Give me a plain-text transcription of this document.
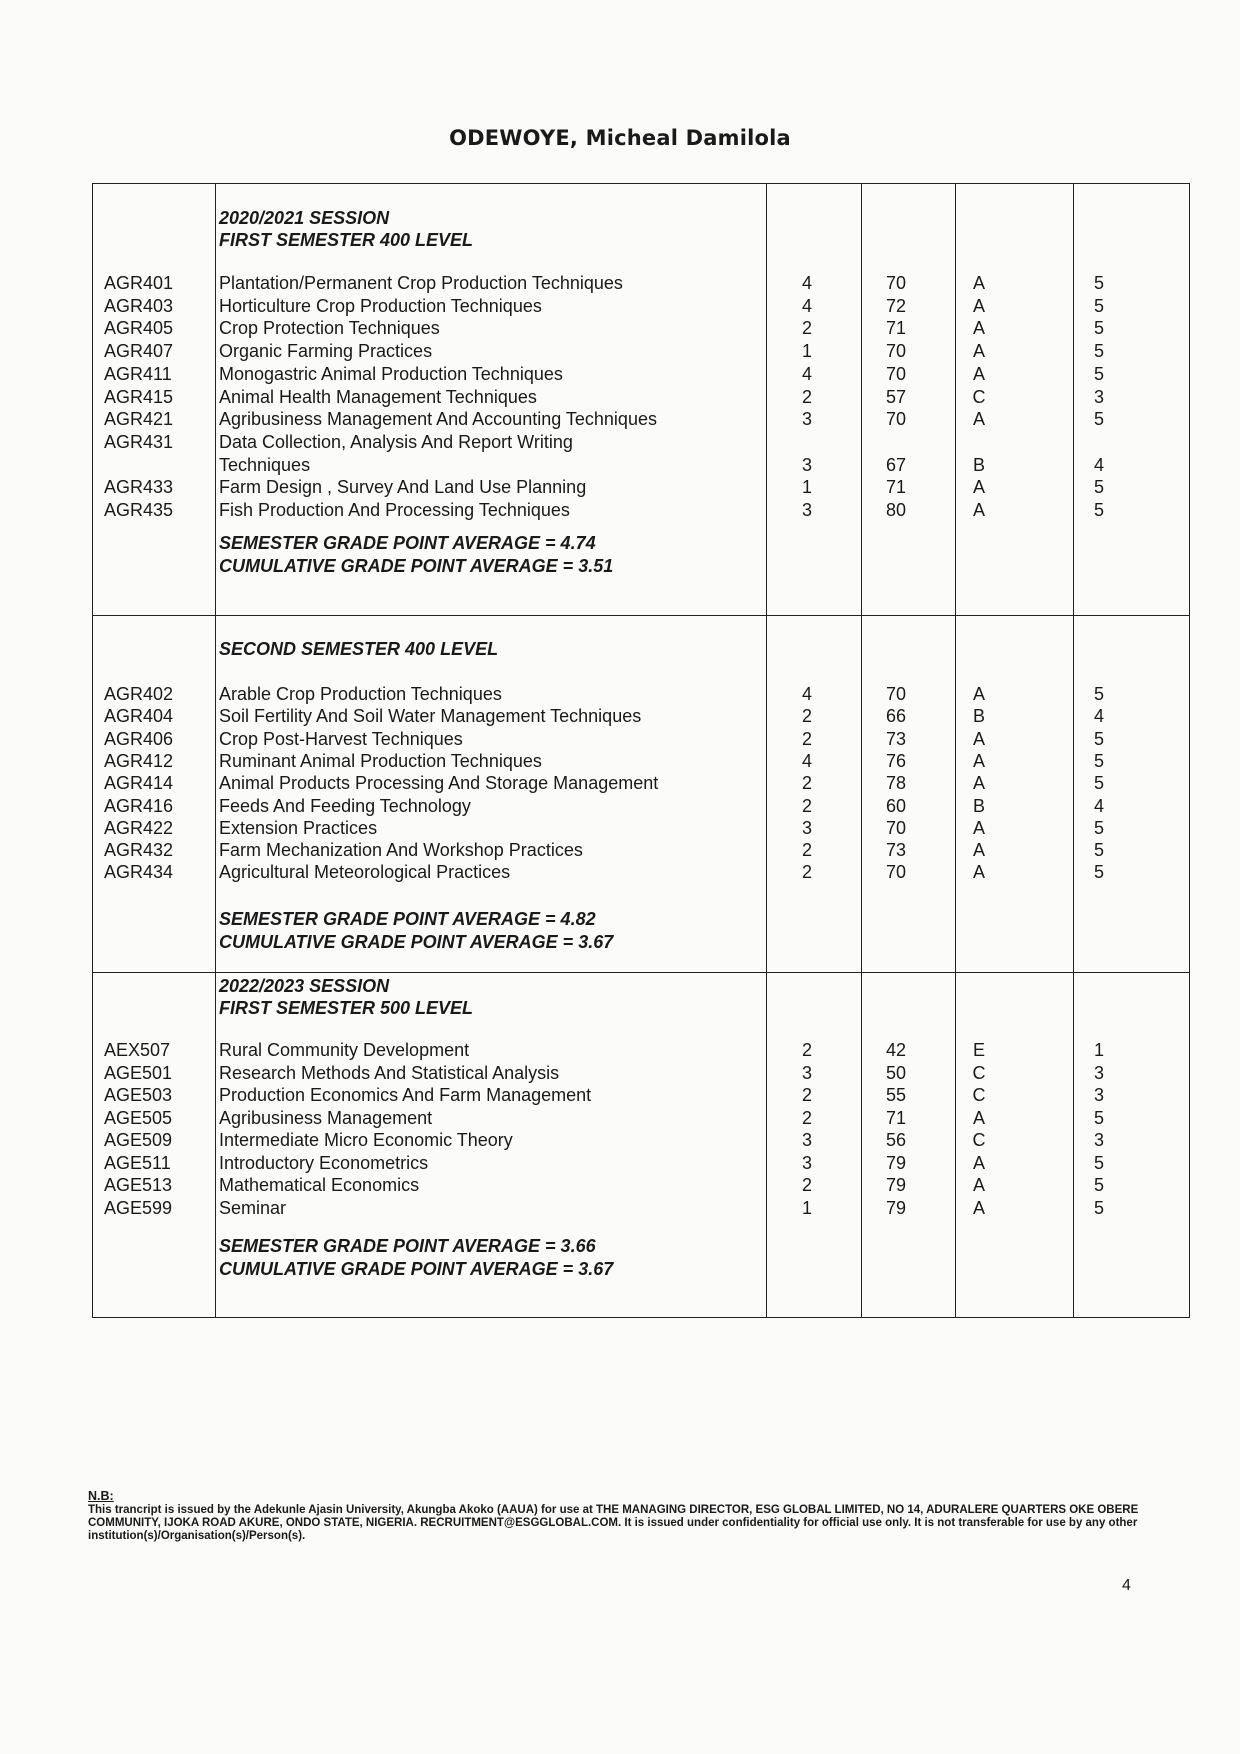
ODEWOYE, Micheal Damilola
2020/2021 SESSION
FIRST SEMESTER 400 LEVEL
AGR401	Plantation/Permanent Crop Production Techniques	4	70	A	5
AGR403	Horticulture Crop Production Techniques	4	72	A	5
AGR405	Crop Protection Techniques	2	71	A	5
AGR407	Organic Farming Practices	1	70	A	5
AGR411	Monogastric Animal Production Techniques	4	70	A	5
AGR415	Animal Health Management Techniques	2	57	C	3
AGR421	Agribusiness Management And Accounting Techniques	3	70	A	5
AGR431	Data Collection, Analysis And Report Writing
Techniques	3	67	B	4
AGR433	Farm Design , Survey And Land Use Planning	1	71	A	5
AGR435	Fish Production And Processing Techniques	3	80	A	5
SEMESTER GRADE POINT AVERAGE = 4.74
CUMULATIVE GRADE POINT AVERAGE = 3.51
SECOND SEMESTER 400 LEVEL
AGR402	Arable Crop Production Techniques	4	70	A	5
AGR404	Soil Fertility And Soil Water Management Techniques	2	66	B	4
AGR406	Crop Post-Harvest Techniques	2	73	A	5
AGR412	Ruminant Animal Production Techniques	4	76	A	5
AGR414	Animal Products Processing And Storage Management	2	78	A	5
AGR416	Feeds And Feeding Technology	2	60	B	4
AGR422	Extension Practices	3	70	A	5
AGR432	Farm Mechanization And Workshop Practices	2	73	A	5
AGR434	Agricultural Meteorological Practices	2	70	A	5
SEMESTER GRADE POINT AVERAGE = 4.82
CUMULATIVE GRADE POINT AVERAGE = 3.67
2022/2023 SESSION
FIRST SEMESTER 500 LEVEL
AEX507	Rural Community Development	2	42	E	1
AGE501	Research Methods And Statistical Analysis	3	50	C	3
AGE503	Production Economics And Farm Management	2	55	C	3
AGE505	Agribusiness Management	2	71	A	5
AGE509	Intermediate Micro Economic Theory	3	56	C	3
AGE511	Introductory Econometrics	3	79	A	5
AGE513	Mathematical Economics	2	79	A	5
AGE599	Seminar	1	79	A	5
SEMESTER GRADE POINT AVERAGE = 3.66
CUMULATIVE GRADE POINT AVERAGE = 3.67
N.B:
This trancript is issued by the Adekunle Ajasin University, Akungba Akoko (AAUA) for use at THE MANAGING DIRECTOR, ESG GLOBAL LIMITED, NO 14, ADURALERE QUARTERS OKE OBERE COMMUNITY, IJOKA ROAD AKURE, ONDO STATE, NIGERIA. RECRUITMENT@ESGGLOBAL.COM. It is issued under confidentiality for official use only. It is not transferable for use by any other institution(s)/Organisation(s)/Person(s).
4
